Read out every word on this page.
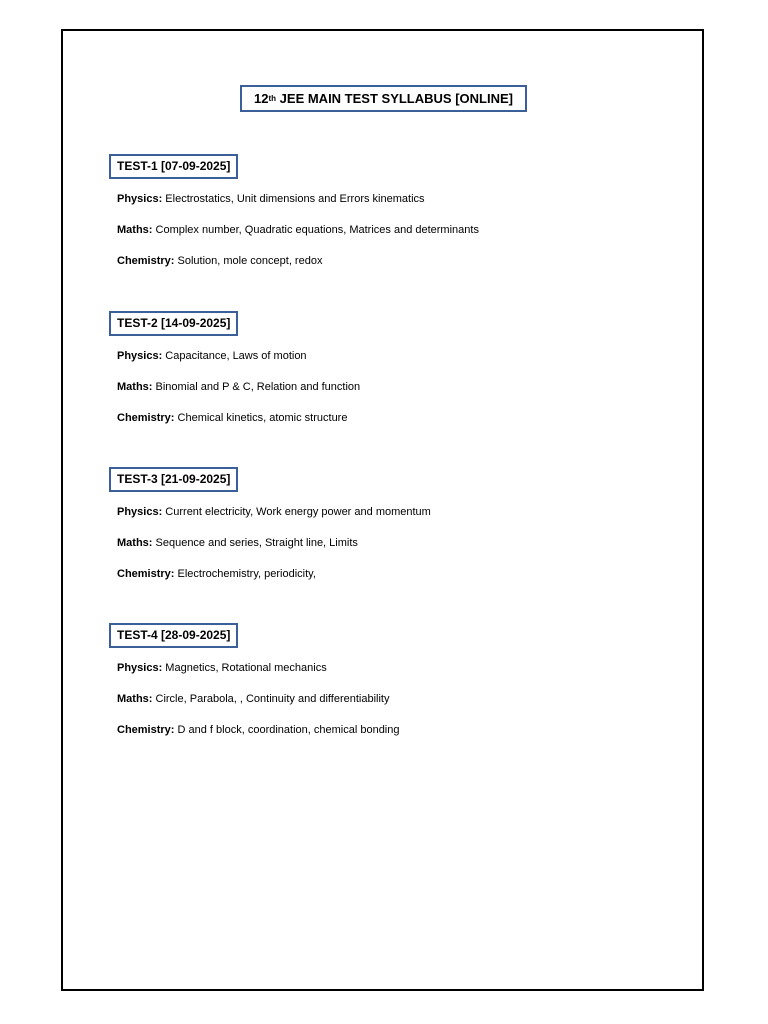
12 th JEE MAIN TEST SYLLABUS [ONLINE]
TEST-1 [07-09-2025]
Physics: Electrostatics, Unit dimensions and Errors kinematics
Maths: Complex number, Quadratic equations, Matrices and determinants
Chemistry: Solution, mole concept, redox
TEST-2 [14-09-2025]
Physics: Capacitance, Laws of motion
Maths: Binomial and P & C, Relation and function
Chemistry: Chemical kinetics, atomic structure
TEST-3 [21-09-2025]
Physics: Current electricity, Work energy power and momentum
Maths: Sequence and series, Straight line, Limits
Chemistry: Electrochemistry, periodicity,
TEST-4 [28-09-2025]
Physics: Magnetics, Rotational mechanics
Maths: Circle, Parabola, , Continuity and differentiability
Chemistry: D and f block, coordination, chemical bonding
